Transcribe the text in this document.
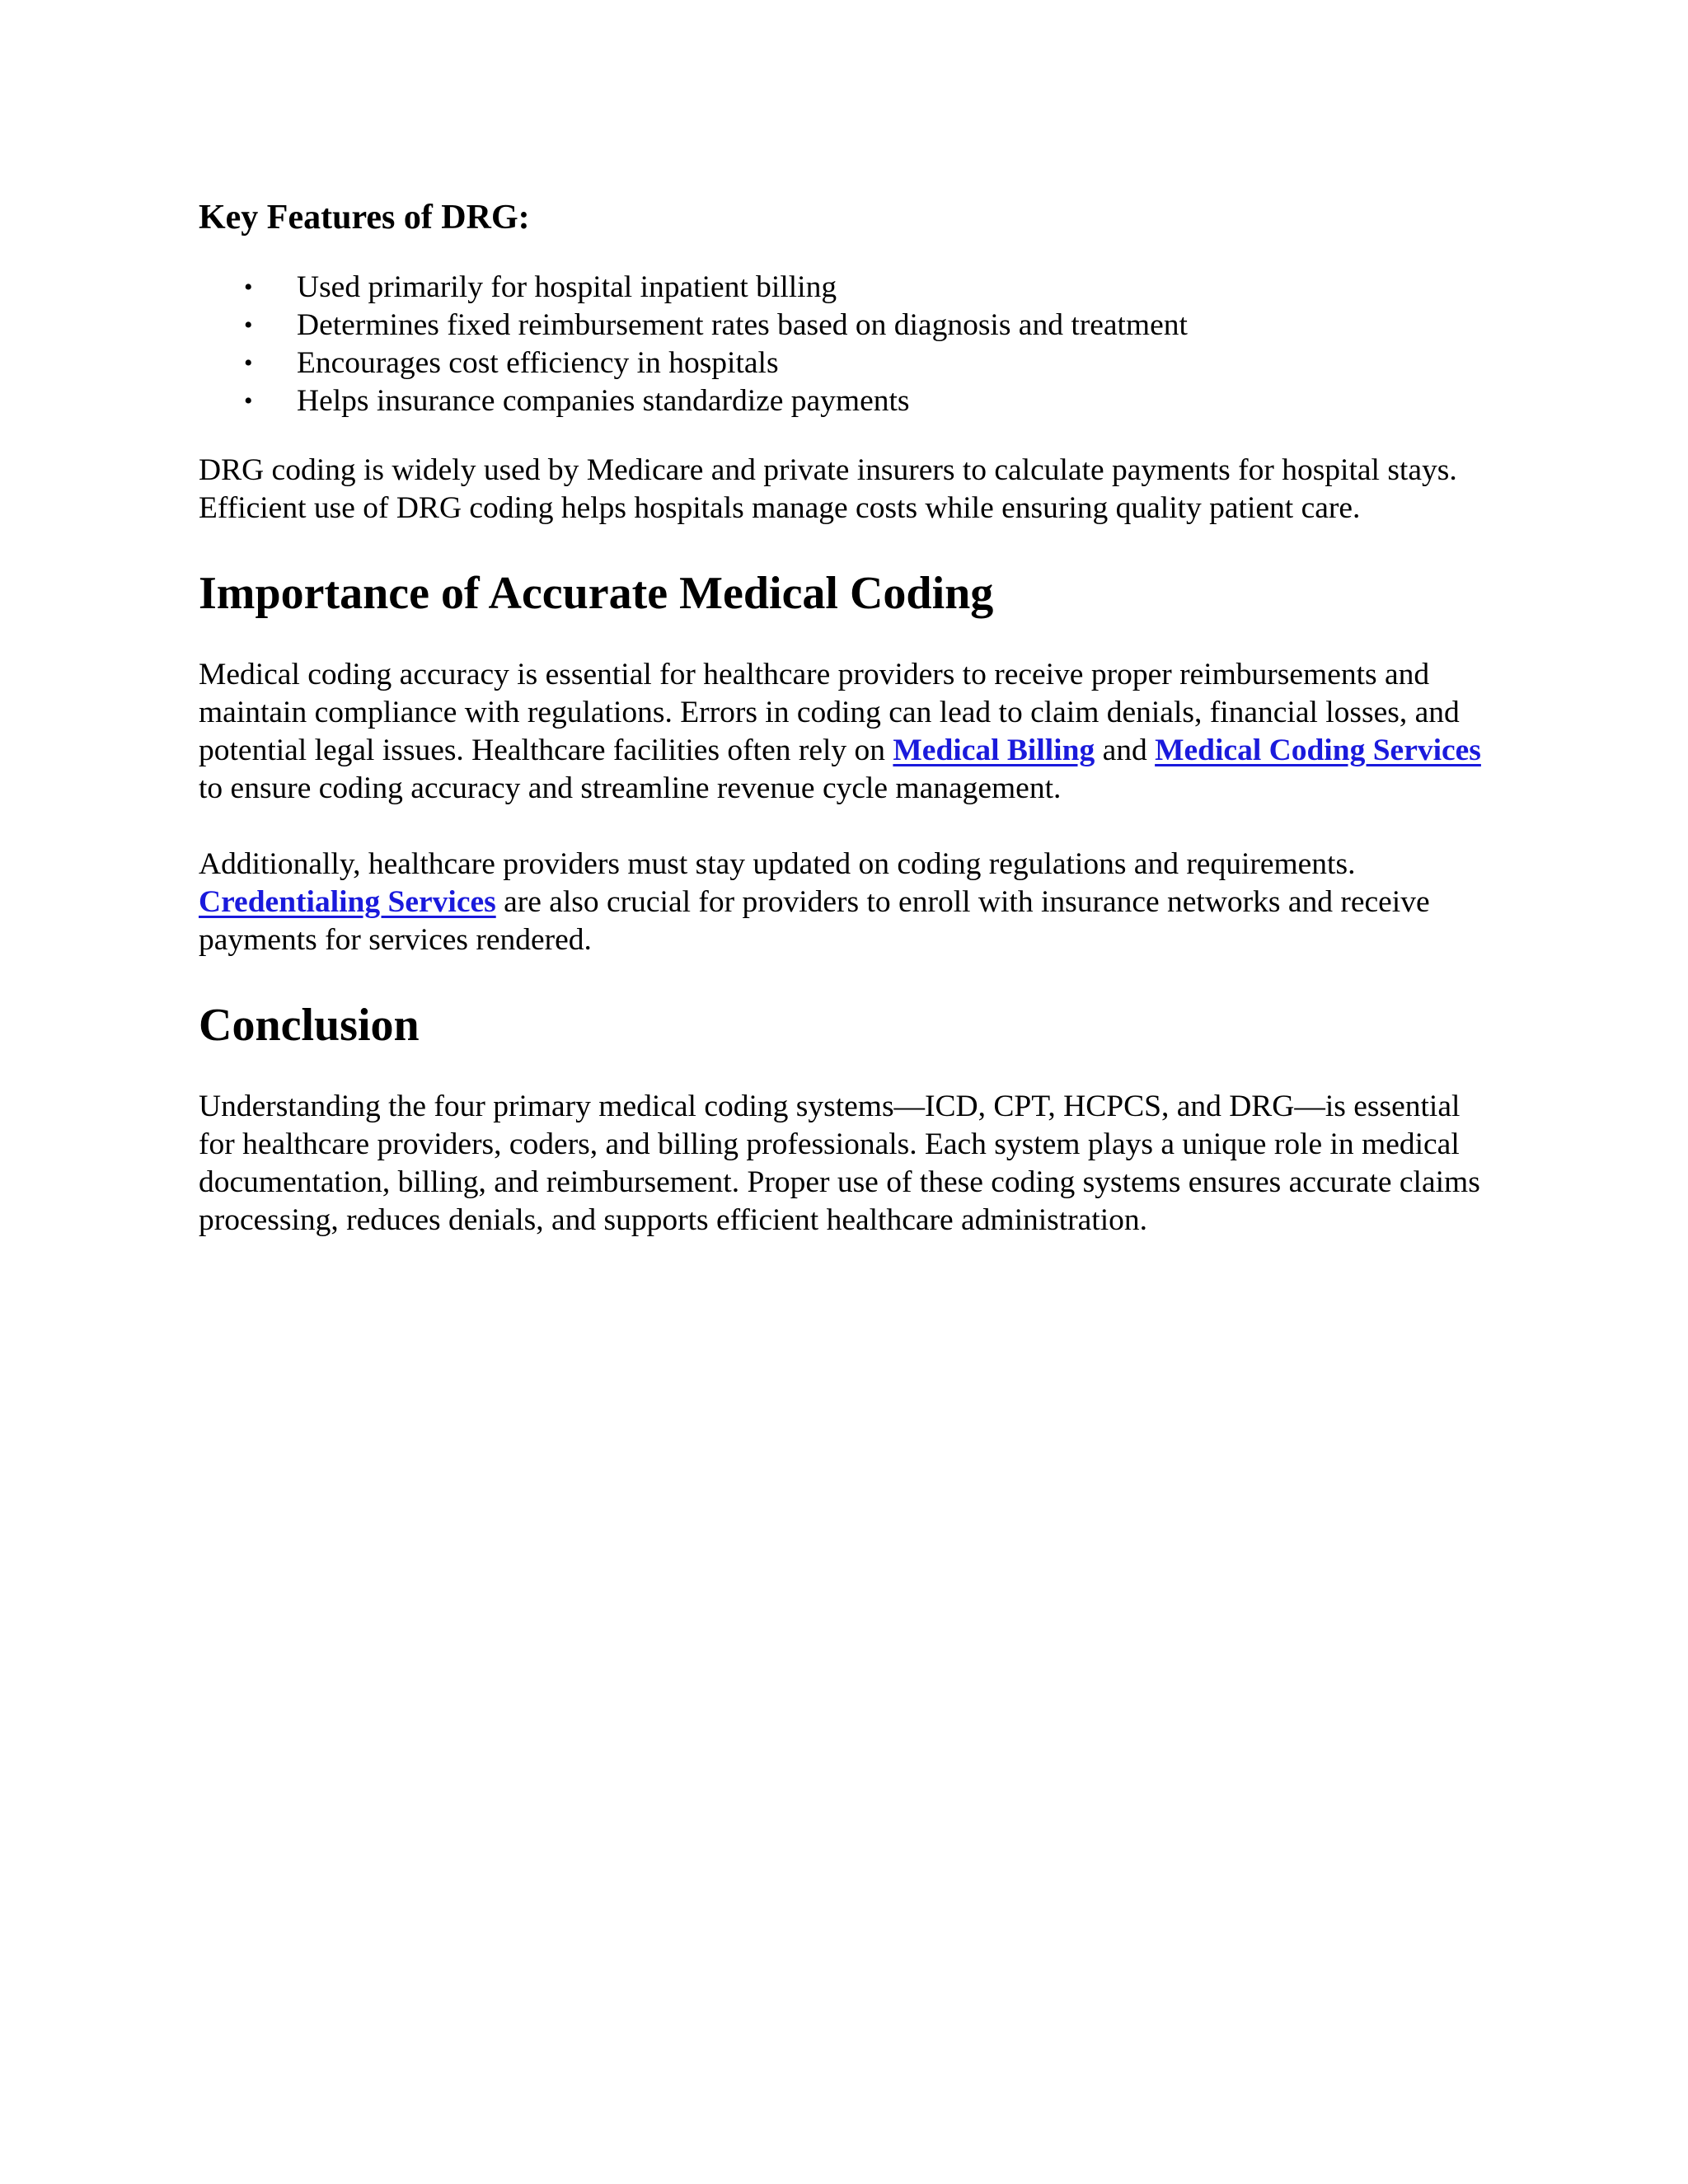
Key Features of DRG:
• Used primarily for hospital inpatient billing
• Determines fixed reimbursement rates based on diagnosis and treatment
• Encourages cost efficiency in hospitals
• Helps insurance companies standardize payments

DRG coding is widely used by Medicare and private insurers to calculate payments for hospital stays. Efficient use of DRG coding helps hospitals manage costs while ensuring quality patient care.

Importance of Accurate Medical Coding

Medical coding accuracy is essential for healthcare providers to receive proper reimbursements and maintain compliance with regulations. Errors in coding can lead to claim denials, financial losses, and potential legal issues. Healthcare facilities often rely on Medical Billing and Medical Coding Services to ensure coding accuracy and streamline revenue cycle management.

Additionally, healthcare providers must stay updated on coding regulations and requirements. Credentialing Services are also crucial for providers to enroll with insurance networks and receive payments for services rendered.

Conclusion

Understanding the four primary medical coding systems—ICD, CPT, HCPCS, and DRG—is essential for healthcare providers, coders, and billing professionals. Each system plays a unique role in medical documentation, billing, and reimbursement. Proper use of these coding systems ensures accurate claims processing, reduces denials, and supports efficient healthcare administration.
